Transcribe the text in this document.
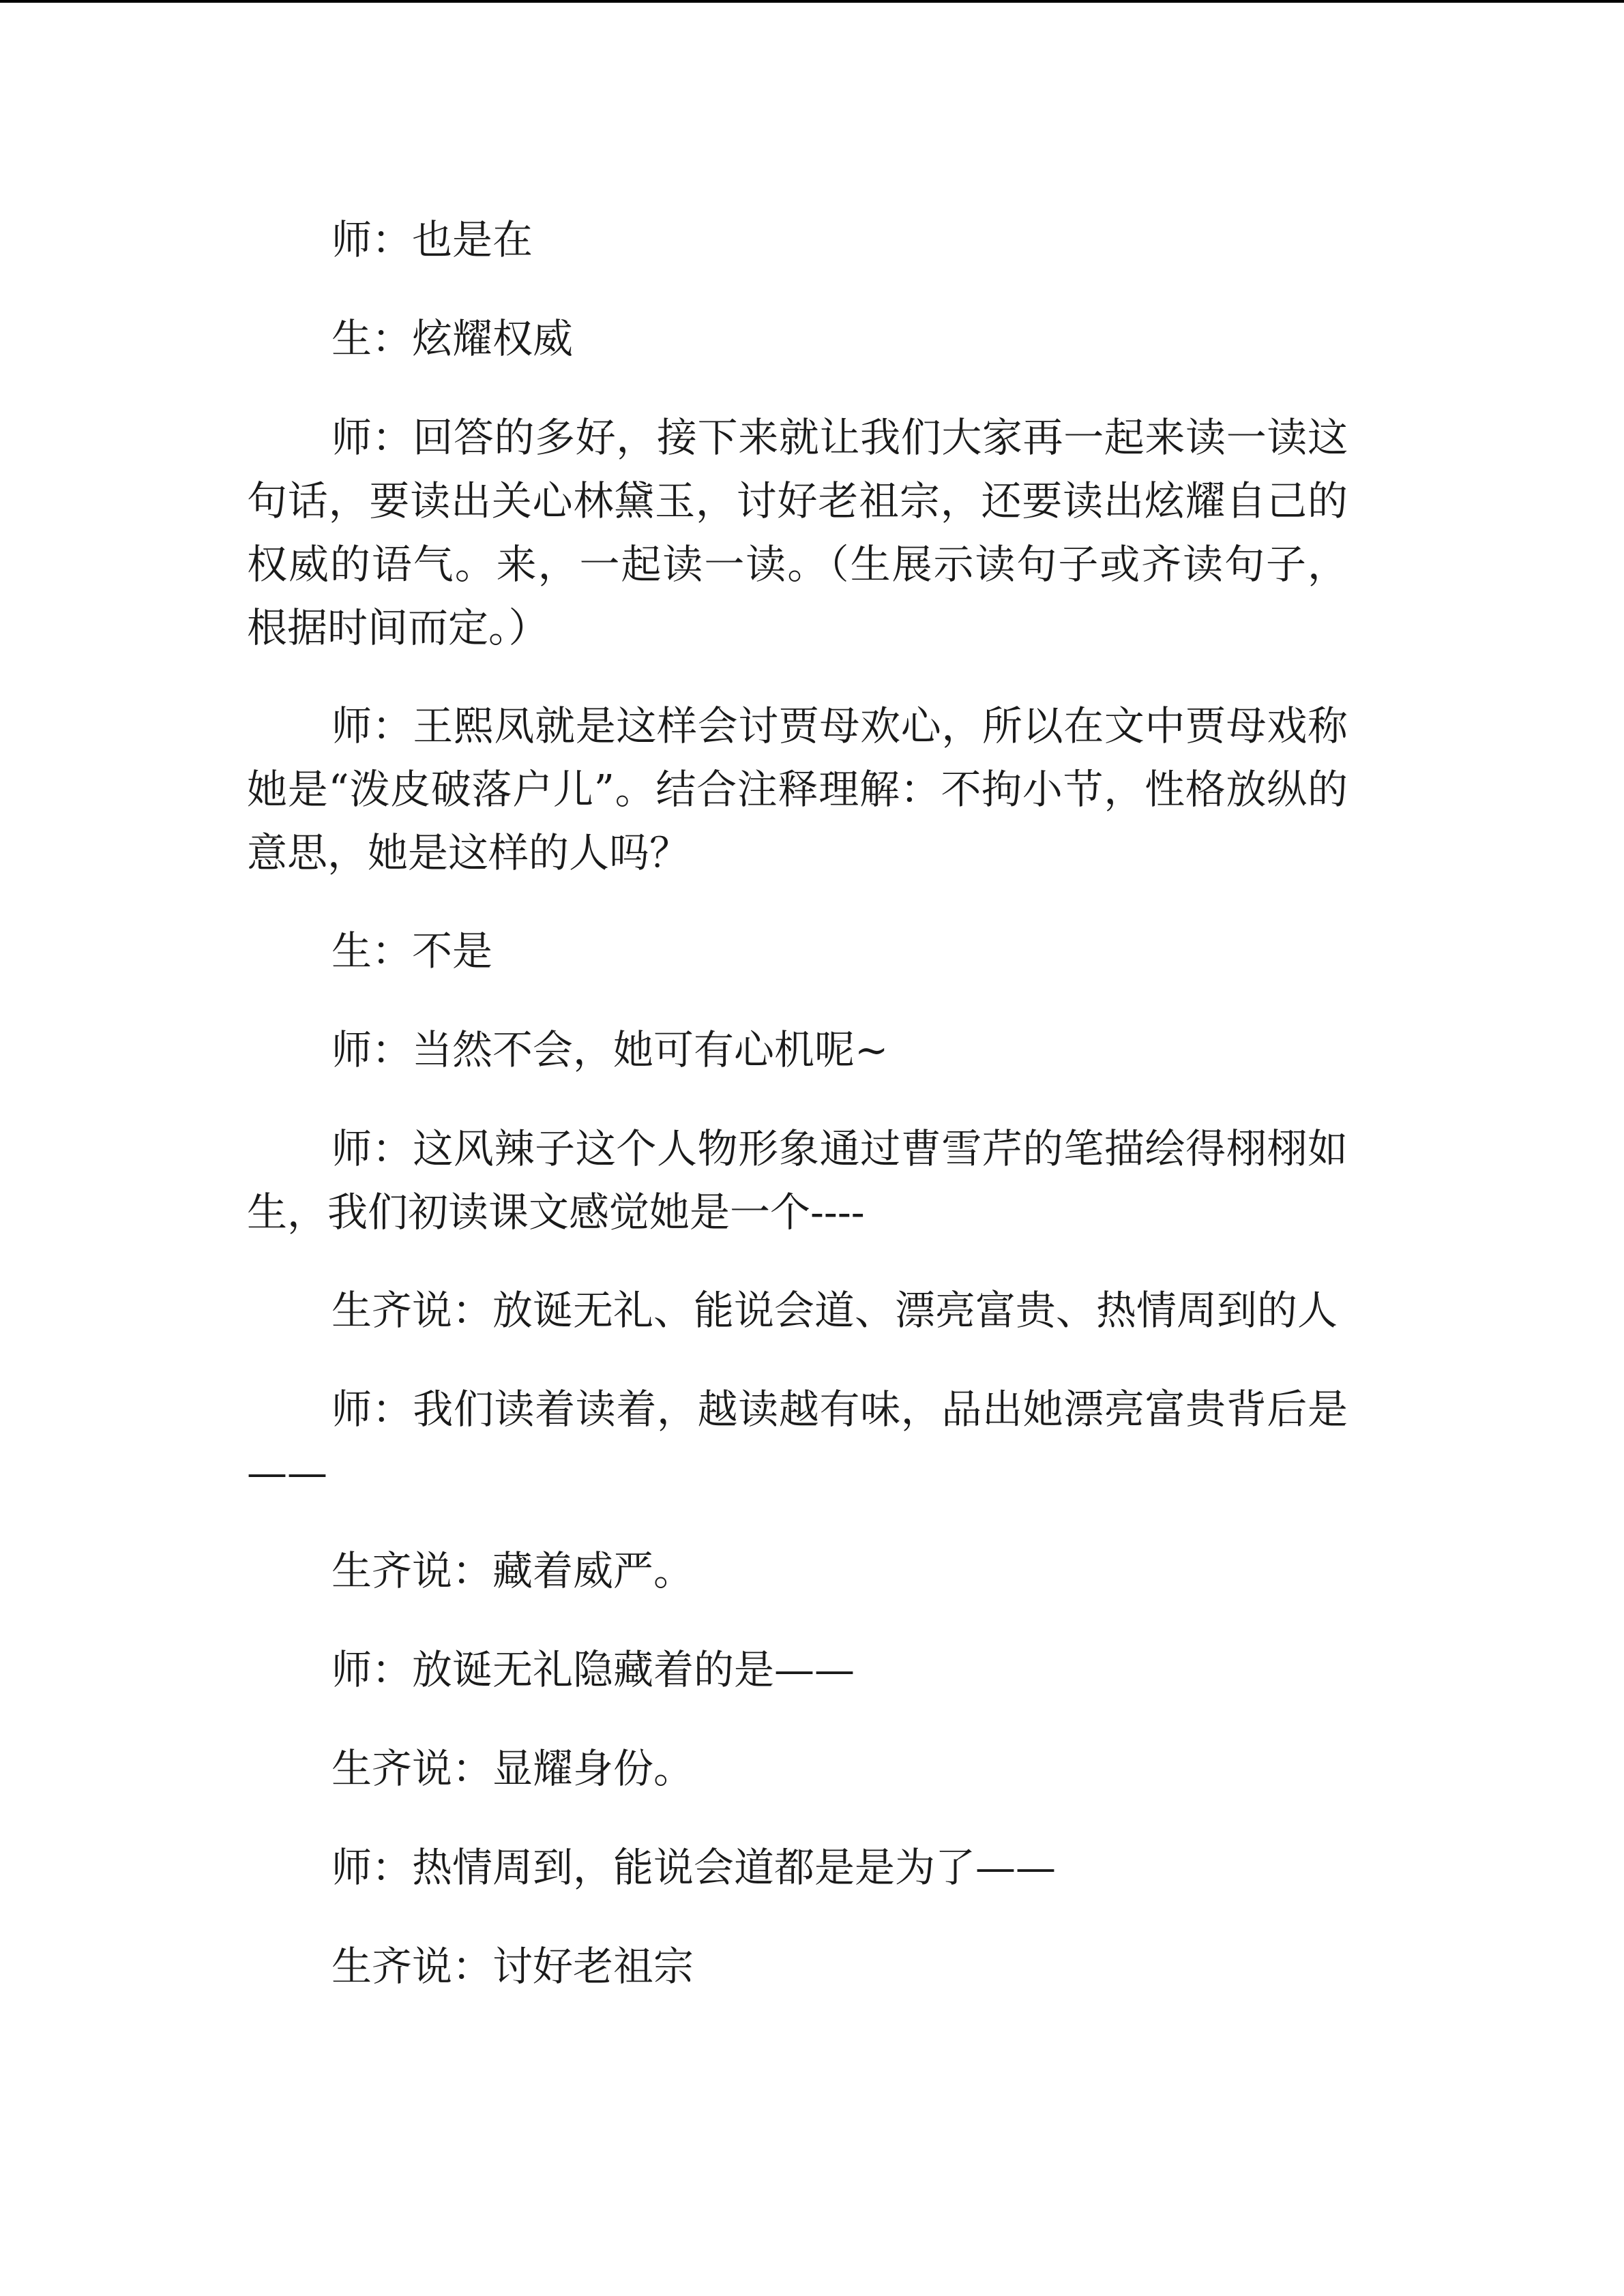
师：也是在

生：炫耀权威

师：回答的多好，接下来就让我们大家再一起来读一读这句话，要读出关心林黛玉，讨好老祖宗，还要读出炫耀自己的权威的语气。来，一起读一读。（生展示读句子或齐读句子，根据时间而定。）

师：王熙凤就是这样会讨贾母欢心，所以在文中贾母戏称她是“泼皮破落户儿”。结合注释理解：不拘小节，性格放纵的意思，她是这样的人吗？

生：不是

师：当然不会，她可有心机呢~

师：这风辣子这个人物形象通过曹雪芹的笔描绘得栩栩如生，我们初读课文感觉她是一个----

生齐说：放诞无礼、能说会道、漂亮富贵、热情周到的人

师：我们读着读着，越读越有味，品出她漂亮富贵背后是——

生齐说：藏着威严。

师：放诞无礼隐藏着的是——

生齐说：显耀身份。

师：热情周到，能说会道都是是为了——

生齐说：讨好老祖宗
